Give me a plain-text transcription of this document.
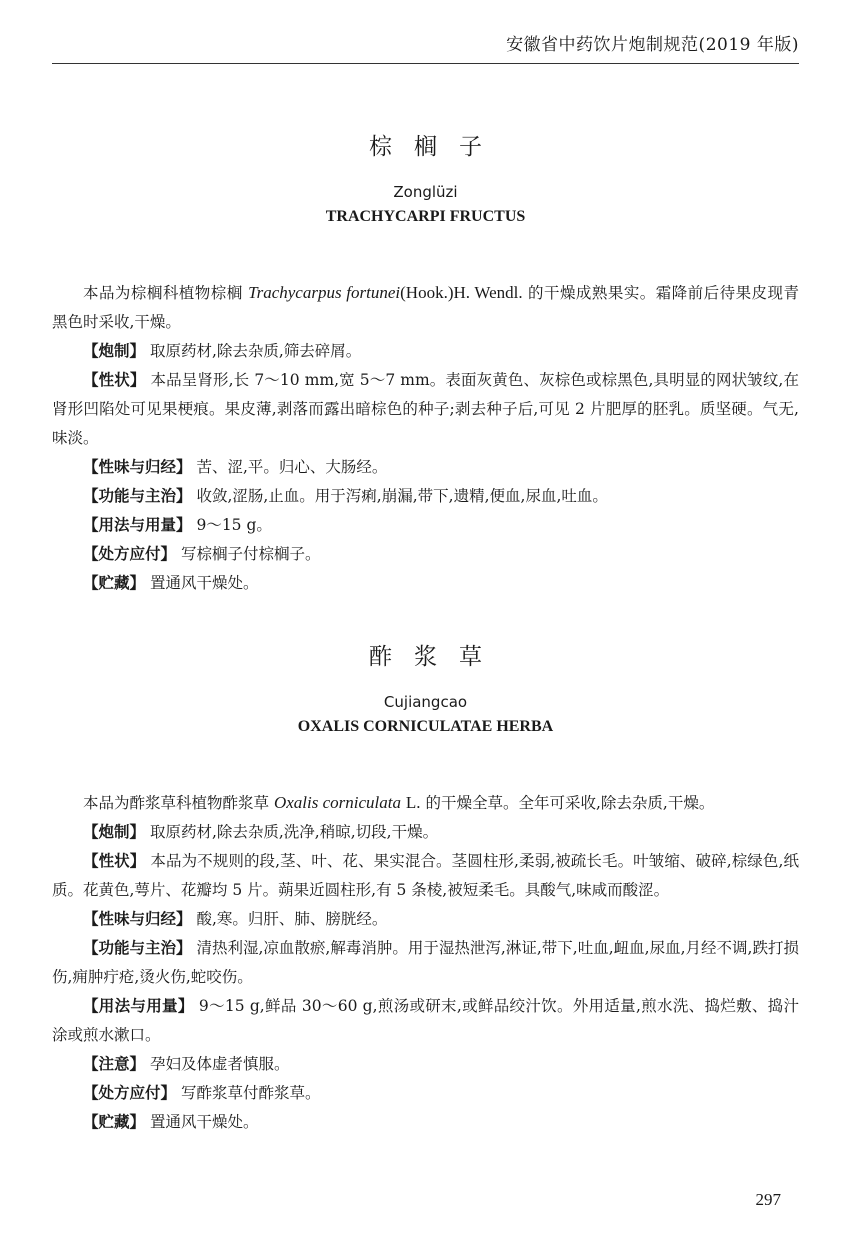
安徽省中药饮片炮制规范(2019 年版)
棕榈子
Zonglüzi
TRACHYCARPI FRUCTUS

本品为棕榈科植物棕榈 Trachycarpus fortunei(Hook.)H. Wendl. 的干燥成熟果实。霜降前后待果皮现青黑色时采收,干燥。

【炮制】 取原药材,除去杂质,筛去碎屑。

【性状】 本品呈肾形,长 7～10 mm,宽 5～7 mm。表面灰黄色、灰棕色或棕黑色,具明显的网状皱纹,在肾形凹陷处可见果梗痕。果皮薄,剥落而露出暗棕色的种子;剥去种子后,可见 2 片肥厚的胚乳。质坚硬。气无,味淡。

【性味与归经】 苦、涩,平。归心、大肠经。

【功能与主治】 收敛,涩肠,止血。用于泻痢,崩漏,带下,遗精,便血,尿血,吐血。

【用法与用量】 9～15 g。

【处方应付】 写棕榈子付棕榈子。

【贮藏】 置通风干燥处。

酢浆草
Cujiangcao
OXALIS CORNICULATAE HERBA

本品为酢浆草科植物酢浆草 Oxalis corniculata L. 的干燥全草。全年可采收,除去杂质,干燥。

【炮制】 取原药材,除去杂质,洗净,稍晾,切段,干燥。

【性状】 本品为不规则的段,茎、叶、花、果实混合。茎圆柱形,柔弱,被疏长毛。叶皱缩、破碎,棕绿色,纸质。花黄色,萼片、花瓣均 5 片。蒴果近圆柱形,有 5 条棱,被短柔毛。具酸气,味咸而酸涩。

【性味与归经】 酸,寒。归肝、肺、膀胱经。

【功能与主治】 清热利湿,凉血散瘀,解毒消肿。用于湿热泄泻,淋证,带下,吐血,衄血,尿血,月经不调,跌打损伤,痈肿疔疮,烫火伤,蛇咬伤。

【用法与用量】 9～15 g,鲜品 30～60 g,煎汤或研末,或鲜品绞汁饮。外用适量,煎水洗、捣烂敷、捣汁涂或煎水漱口。

【注意】 孕妇及体虚者慎服。

【处方应付】 写酢浆草付酢浆草。

【贮藏】 置通风干燥处。

297
